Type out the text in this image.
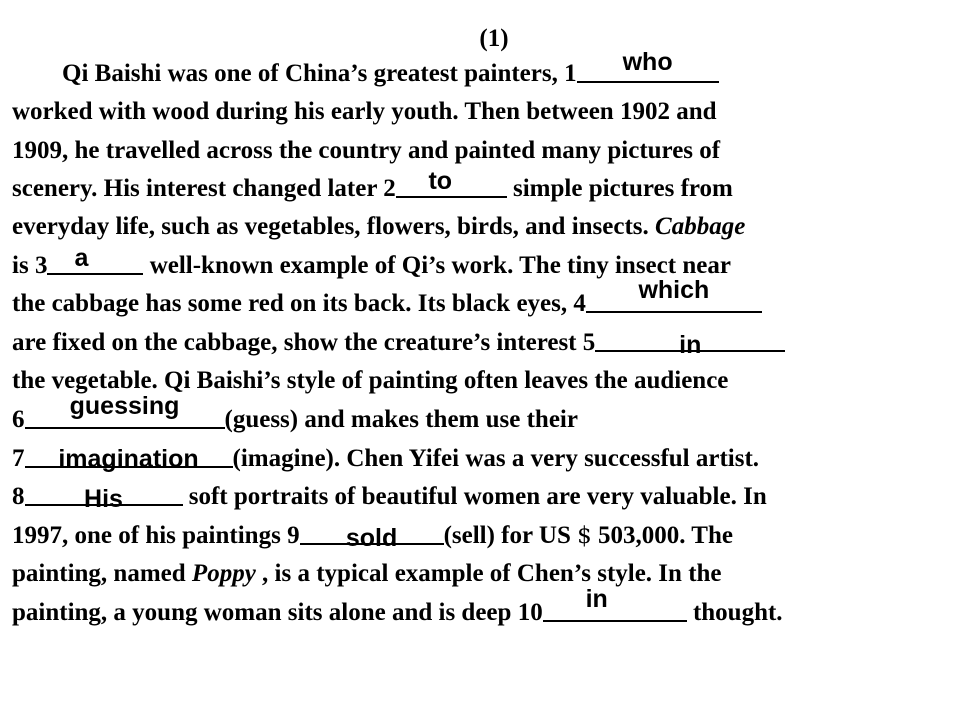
(1)
Qi Baishi was one of China’s greatest painters, 1	who
worked with wood during his early youth. Then between 1902 and
1909, he travelled across the country and painted many pictures of
scenery. His interest changed later 2	to	simple pictures from
everyday life, such as vegetables, flowers, birds, and insects. Cabbage
is 3	a	well-known example of Qi’s work. The tiny insect near
the cabbage has some red on its back. Its black eyes, 4	which
are fixed on the cabbage, show the creature’s interest 5	in
the vegetable. Qi Baishi’s style of painting often leaves the audience
6	guessing	(guess) and makes them use their
7	imagination	(imagine). Chen Yifei was a very successful artist.
8	His	soft portraits of beautiful women are very valuable. In
1997, one of his paintings 9	sold	(sell) for US $ 503,000. The
painting, named Poppy , is a typical example of Chen’s style. In the
painting, a young woman sits alone and is deep 10	in	thought.
